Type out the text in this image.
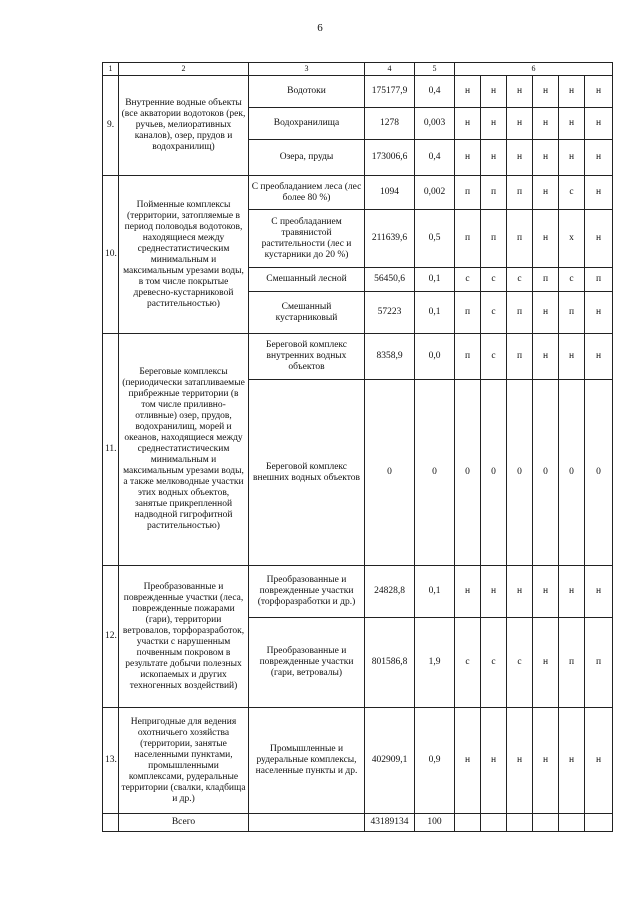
6
1	2	3	4	5	6					
9.	Внутренние водные объекты (все акватории водотоков (рек, ручьев, мелиоративных каналов), озер, прудов и водохранилищ)	Водотоки	175177,9	0,4	н	н	н	н	н	н
		Водохранилища	1278	0,003	н	н	н	н	н	н
		Озера, пруды	173006,6	0,4	н	н	н	н	н	н
10.	Пойменные комплексы (территории, затопляемые в период половодья водотоков, находящиеся между среднестатистическим минимальным и максимальным урезами воды, в том числе покрытые древесно-кустарниковой растительностью)	С преобладанием леса (лес более 80 %)	1094	0,002	п	п	п	н	с	н
		С преобладанием травянистой растительности (лес и кустарники до 20 %)	211639,6	0,5	п	п	п	н	х	н
		Смешанный лесной	56450,6	0,1	с	с	с	п	с	п
		Смешанный кустарниковый	57223	0,1	п	с	п	н	п	н
11.	Береговые комплексы (периодически затапливаемые прибрежные территории (в том числе приливно-отливные) озер, прудов, водохранилищ, морей и океанов, находящиеся между среднестатистическим минимальным и максимальным урезами воды, а также мелководные участки этих водных объектов, занятые прикрепленной надводной гигрофитной растительностью)	Береговой комплекс внутренних водных объектов	8358,9	0,0	п	с	п	н	н	н
		Береговой комплекс внешних водных объектов	0	0	0	0	0	0	0	0
12.	Преобразованные и поврежденные участки (леса, поврежденные пожарами (гари), территории ветровалов, торфоразработок, участки с нарушенным почвенным покровом в результате добычи полезных ископаемых и других техногенных воздействий)	Преобразованные и поврежденные участки (торфоразработки и др.)	24828,8	0,1	н	н	н	н	н	н
		Преобразованные и поврежденные участки (гари, ветровалы)	801586,8	1,9	с	с	с	н	п	п
13.	Непригодные для ведения охотничьего хозяйства (территории, занятые населенными пунктами, промышленными комплексами, рудеральные территории (свалки, кладбища и др.)	Промышленные и рудеральные комплексы, населенные пункты и др.	402909,1	0,9	н	н	н	н	н	н
	Всего		43189134	100						
